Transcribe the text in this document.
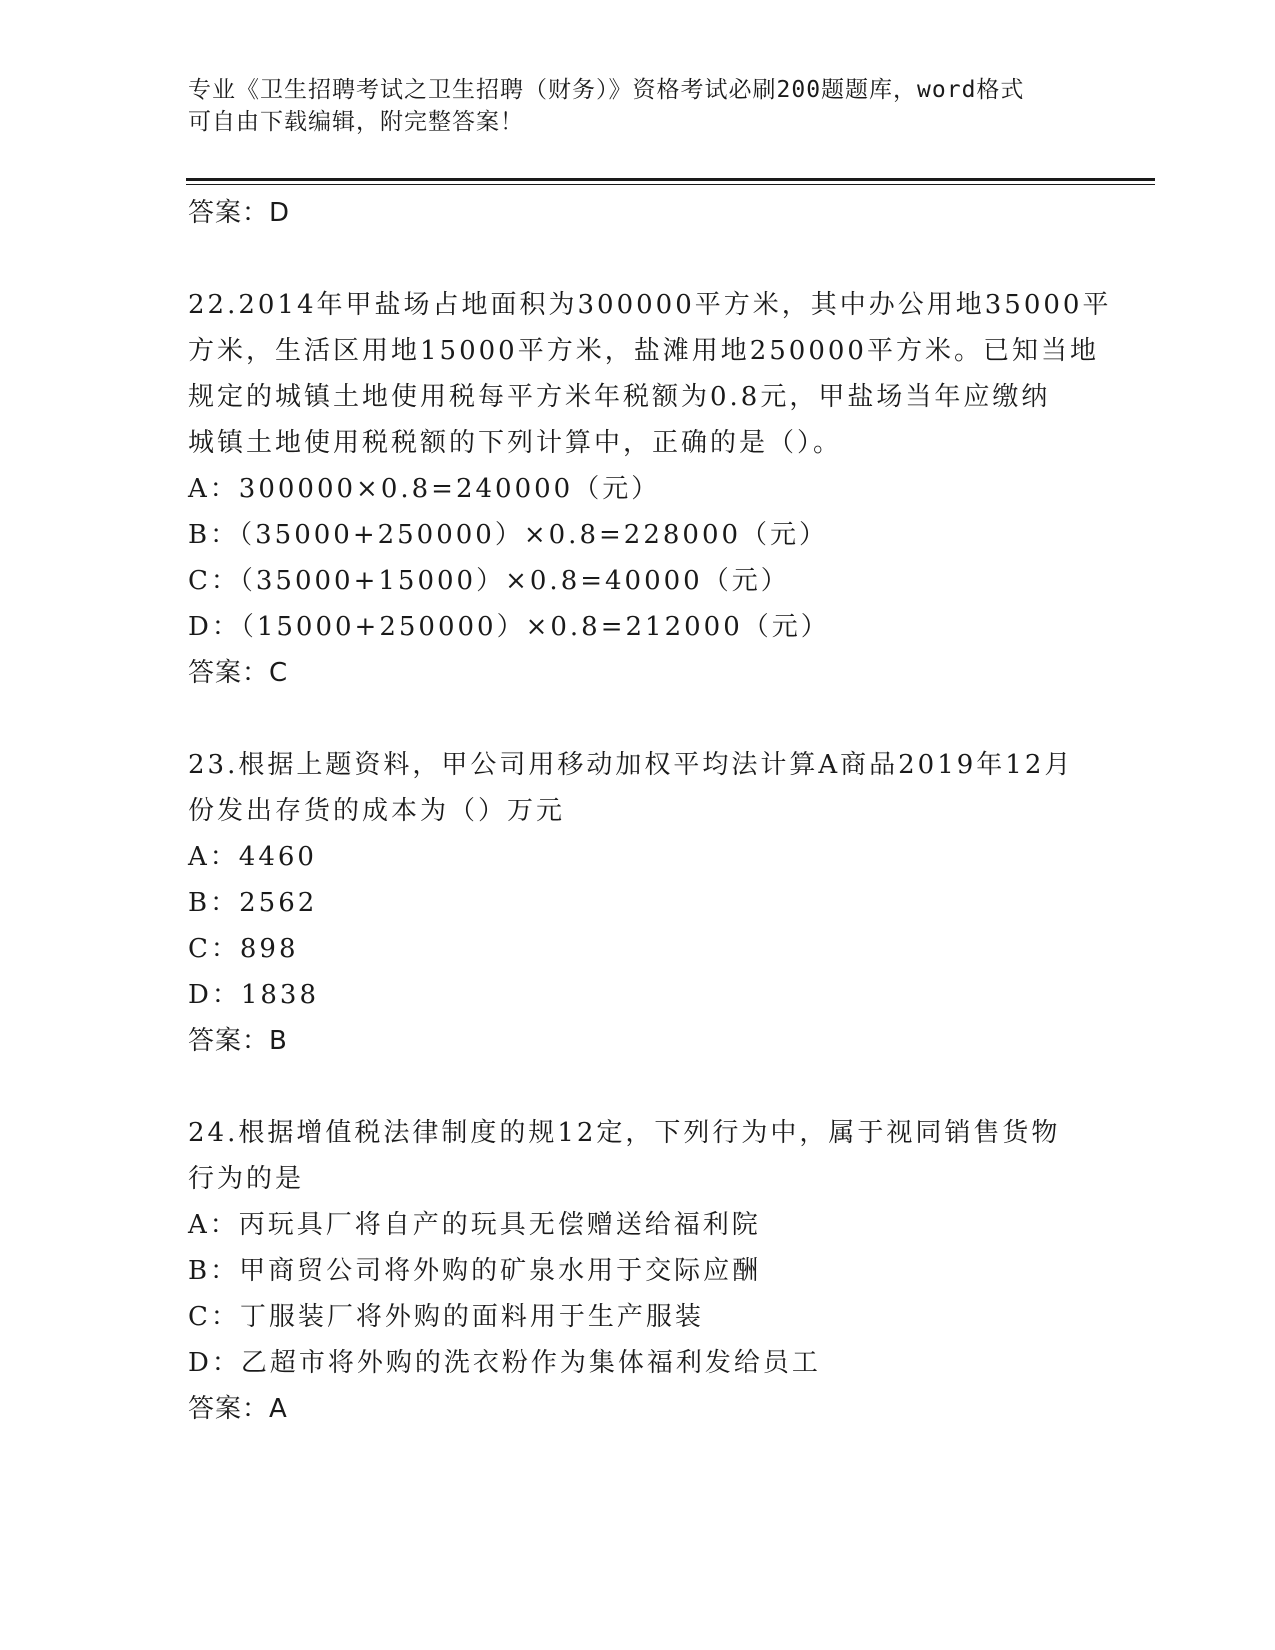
专业《卫生招聘考试之卫生招聘（财务）》资格考试必刷200题题库，word格式
可自由下载编辑，附完整答案！
答案：D
22.2014年甲盐场占地面积为300000平方米，其中办公用地35000平
方米，生活区用地15000平方米，盐滩用地250000平方米。已知当地
规定的城镇土地使用税每平方米年税额为0.8元，甲盐场当年应缴纳
城镇土地使用税税额的下列计算中，正确的是（）。
A：300000×0.8=240000（元）
B：（35000+250000）×0.8=228000（元）
C：（35000+15000）×0.8=40000（元）
D：（15000+250000）×0.8=212000（元）
答案：C
23.根据上题资料，甲公司用移动加权平均法计算A商品2019年12月
份发出存货的成本为（）万元
A：4460
B：2562
C：898
D：1838
答案：B
24.根据增值税法律制度的规12定，下列行为中，属于视同销售货物
行为的是
A：丙玩具厂将自产的玩具无偿赠送给福利院
B：甲商贸公司将外购的矿泉水用于交际应酬
C：丁服装厂将外购的面料用于生产服装
D：乙超市将外购的洗衣粉作为集体福利发给员工
答案：A
